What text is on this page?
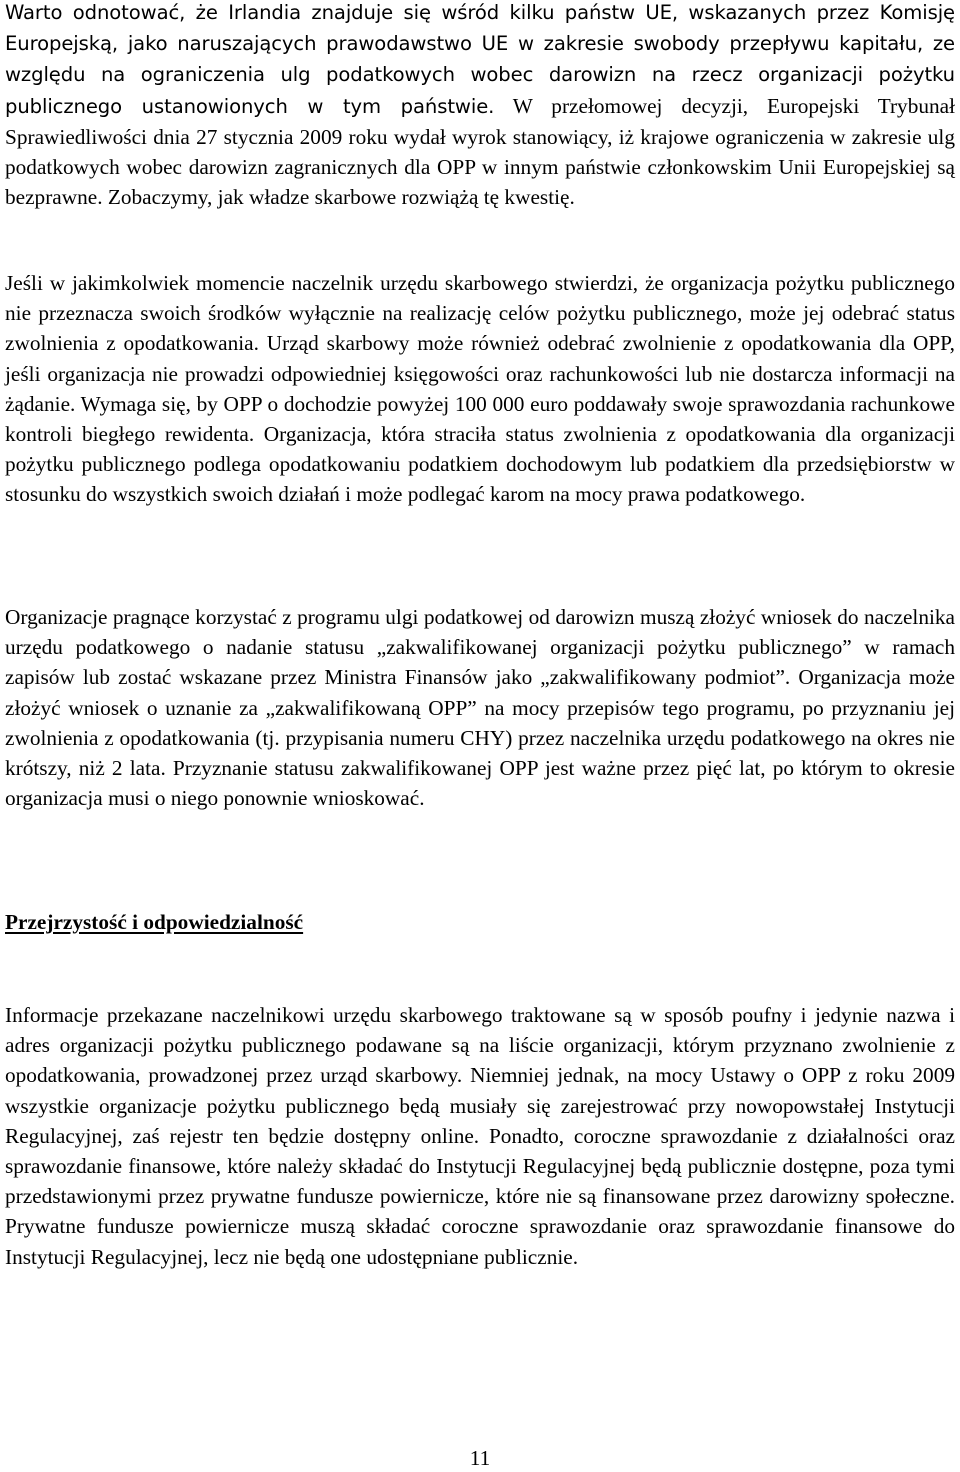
Warto odnotować, że Irlandia znajduje się wśród kilku państw UE, wskazanych przez Komisję Europejską, jako naruszających prawodawstwo UE w zakresie swobody przepływu kapitału, ze względu na ograniczenia ulg podatkowych wobec darowizn na rzecz organizacji pożytku publicznego ustanowionych w tym państwie. W przełomowej decyzji, Europejski Trybunał Sprawiedliwości dnia 27 stycznia 2009 roku wydał wyrok stanowiący, iż krajowe ograniczenia w zakresie ulg podatkowych wobec darowizn zagranicznych dla OPP w innym państwie członkowskim Unii Europejskiej są bezprawne. Zobaczymy, jak władze skarbowe rozwiążą tę kwestię.

Jeśli w jakimkolwiek momencie naczelnik urzędu skarbowego stwierdzi, że organizacja pożytku publicznego nie przeznacza swoich środków wyłącznie na realizację celów pożytku publicznego, może jej odebrać status zwolnienia z opodatkowania. Urząd skarbowy może również odebrać zwolnienie z opodatkowania dla OPP, jeśli organizacja nie prowadzi odpowiedniej księgowości oraz rachunkowości lub nie dostarcza informacji na żądanie. Wymaga się, by OPP o dochodzie powyżej 100 000 euro poddawały swoje sprawozdania rachunkowe kontroli biegłego rewidenta. Organizacja, która straciła status zwolnienia z opodatkowania dla organizacji pożytku publicznego podlega opodatkowaniu podatkiem dochodowym lub podatkiem dla przedsiębiorstw w stosunku do wszystkich swoich działań i może podlegać karom na mocy prawa podatkowego.

Organizacje pragnące korzystać z programu ulgi podatkowej od darowizn muszą złożyć wniosek do naczelnika urzędu podatkowego o nadanie statusu „zakwalifikowanej organizacji pożytku publicznego” w ramach zapisów lub zostać wskazane przez Ministra Finansów jako „zakwalifikowany podmiot”. Organizacja może złożyć wniosek o uznanie za „zakwalifikowaną OPP” na mocy przepisów tego programu, po przyznaniu jej zwolnienia z opodatkowania (tj. przypisania numeru CHY) przez naczelnika urzędu podatkowego na okres nie krótszy, niż 2 lata. Przyznanie statusu zakwalifikowanej OPP jest ważne przez pięć lat, po którym to okresie organizacja musi o niego ponownie wnioskować.

Przejrzystość i odpowiedzialność

Informacje przekazane naczelnikowi urzędu skarbowego traktowane są w sposób poufny i jedynie nazwa i adres organizacji pożytku publicznego podawane są na liście organizacji, którym przyznano zwolnienie z opodatkowania, prowadzonej przez urząd skarbowy. Niemniej jednak, na mocy Ustawy o OPP z roku 2009 wszystkie organizacje pożytku publicznego będą musiały się zarejestrować przy nowopowstałej Instytucji Regulacyjnej, zaś rejestr ten będzie dostępny online. Ponadto, coroczne sprawozdanie z działalności oraz sprawozdanie finansowe, które należy składać do Instytucji Regulacyjnej będą publicznie dostępne, poza tymi przedstawionymi przez prywatne fundusze powiernicze, które nie są finansowane przez darowizny społeczne. Prywatne fundusze powiernicze muszą składać coroczne sprawozdanie oraz sprawozdanie finansowe do Instytucji Regulacyjnej, lecz nie będą one udostępniane publicznie.

11
